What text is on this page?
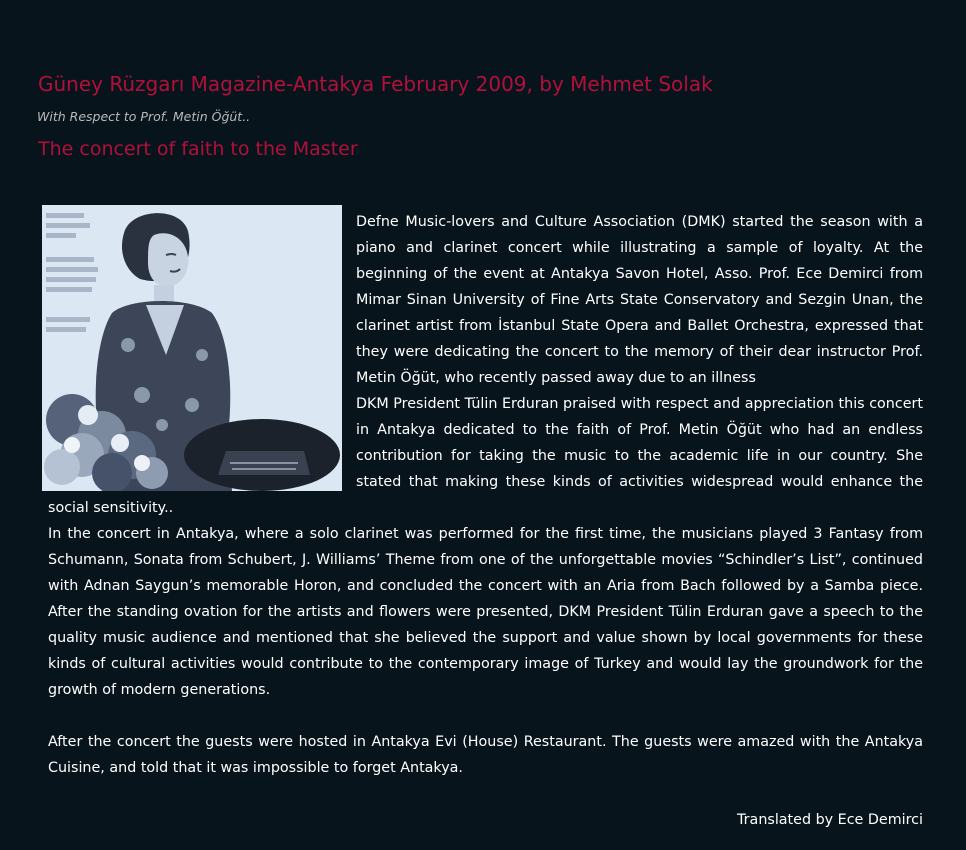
Güney Rüzgarı Magazine-Antakya February 2009, by Mehmet Solak
With Respect to Prof. Metin Öğüt..
The concert of faith to the Master

Defne Music-lovers and Culture Association (DMK) started the season with a piano and clarinet concert while illustrating a sample of loyalty. At the beginning of the event at Antakya Savon Hotel, Asso. Prof. Ece Demirci from Mimar Sinan University of Fine Arts State Conservatory and Sezgin Unan, the clarinet artist from İstanbul State Opera and Ballet Orchestra, expressed that they were dedicating the concert to the memory of their dear instructor Prof. Metin Öğüt, who recently passed away due to an illness

DKM President Tülin Erduran praised with respect and appreciation this concert in Antakya dedicated to the faith of Prof. Metin Öğüt who had an endless contribution for taking the music to the academic life in our country. She stated that making these kinds of activities widespread would enhance the social sensitivity..

In the concert in Antakya, where a solo clarinet was performed for the first time, the musicians played 3 Fantasy from Schumann, Sonata from Schubert, J. Williams’ Theme from one of the unforgettable movies “Schindler’s List”, continued with Adnan Saygun’s memorable Horon, and concluded the concert with an Aria from Bach followed by a Samba piece. After the standing ovation for the artists and flowers were presented, DKM President Tülin Erduran gave a speech to the quality music audience and mentioned that she believed the support and value shown by local governments for these kinds of cultural activities would contribute to the contemporary image of Turkey and would lay the groundwork for the growth of modern generations.

After the concert the guests were hosted in Antakya Evi (House) Restaurant. The guests were amazed with the Antakya Cuisine, and told that it was impossible to forget Antakya.

Translated by Ece Demirci
